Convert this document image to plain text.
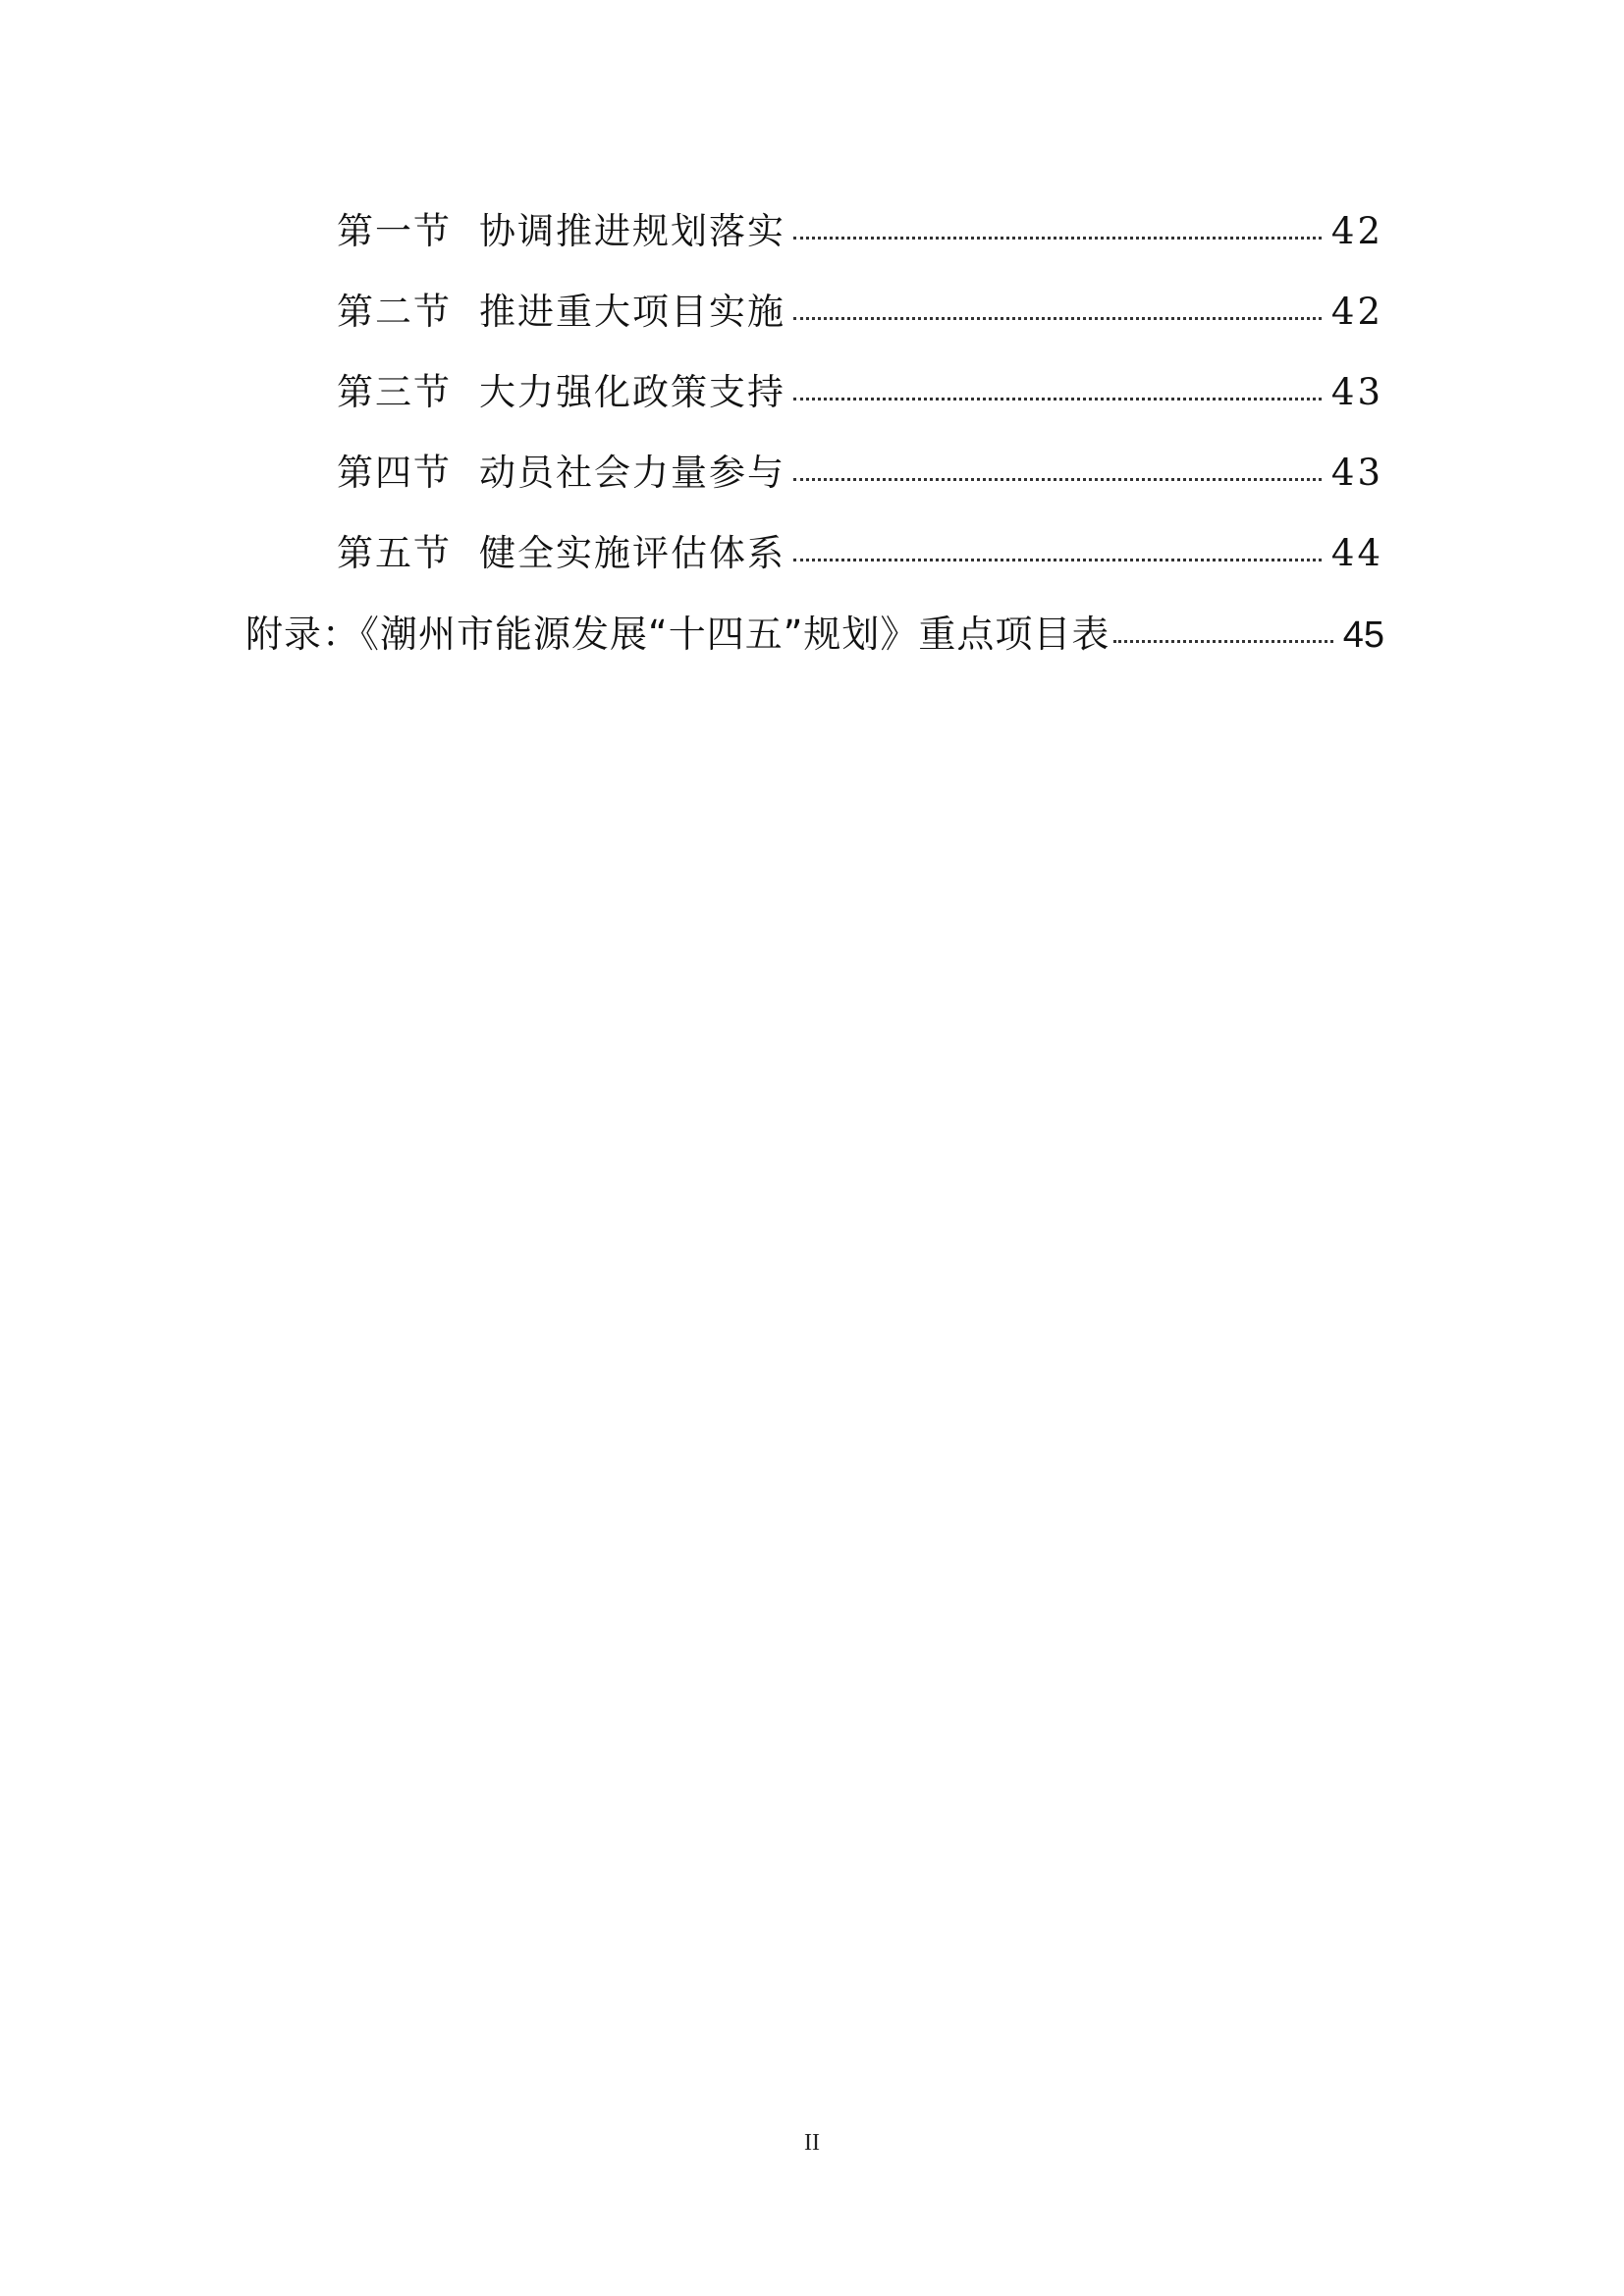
第一节 协调推进规划落实	42
第二节 推进重大项目实施	42
第三节 大力强化政策支持	43
第四节 动员社会力量参与	43
第五节 健全实施评估体系	44
附录：《潮州市能源发展“十四五”规划》重点项目表	45
II
